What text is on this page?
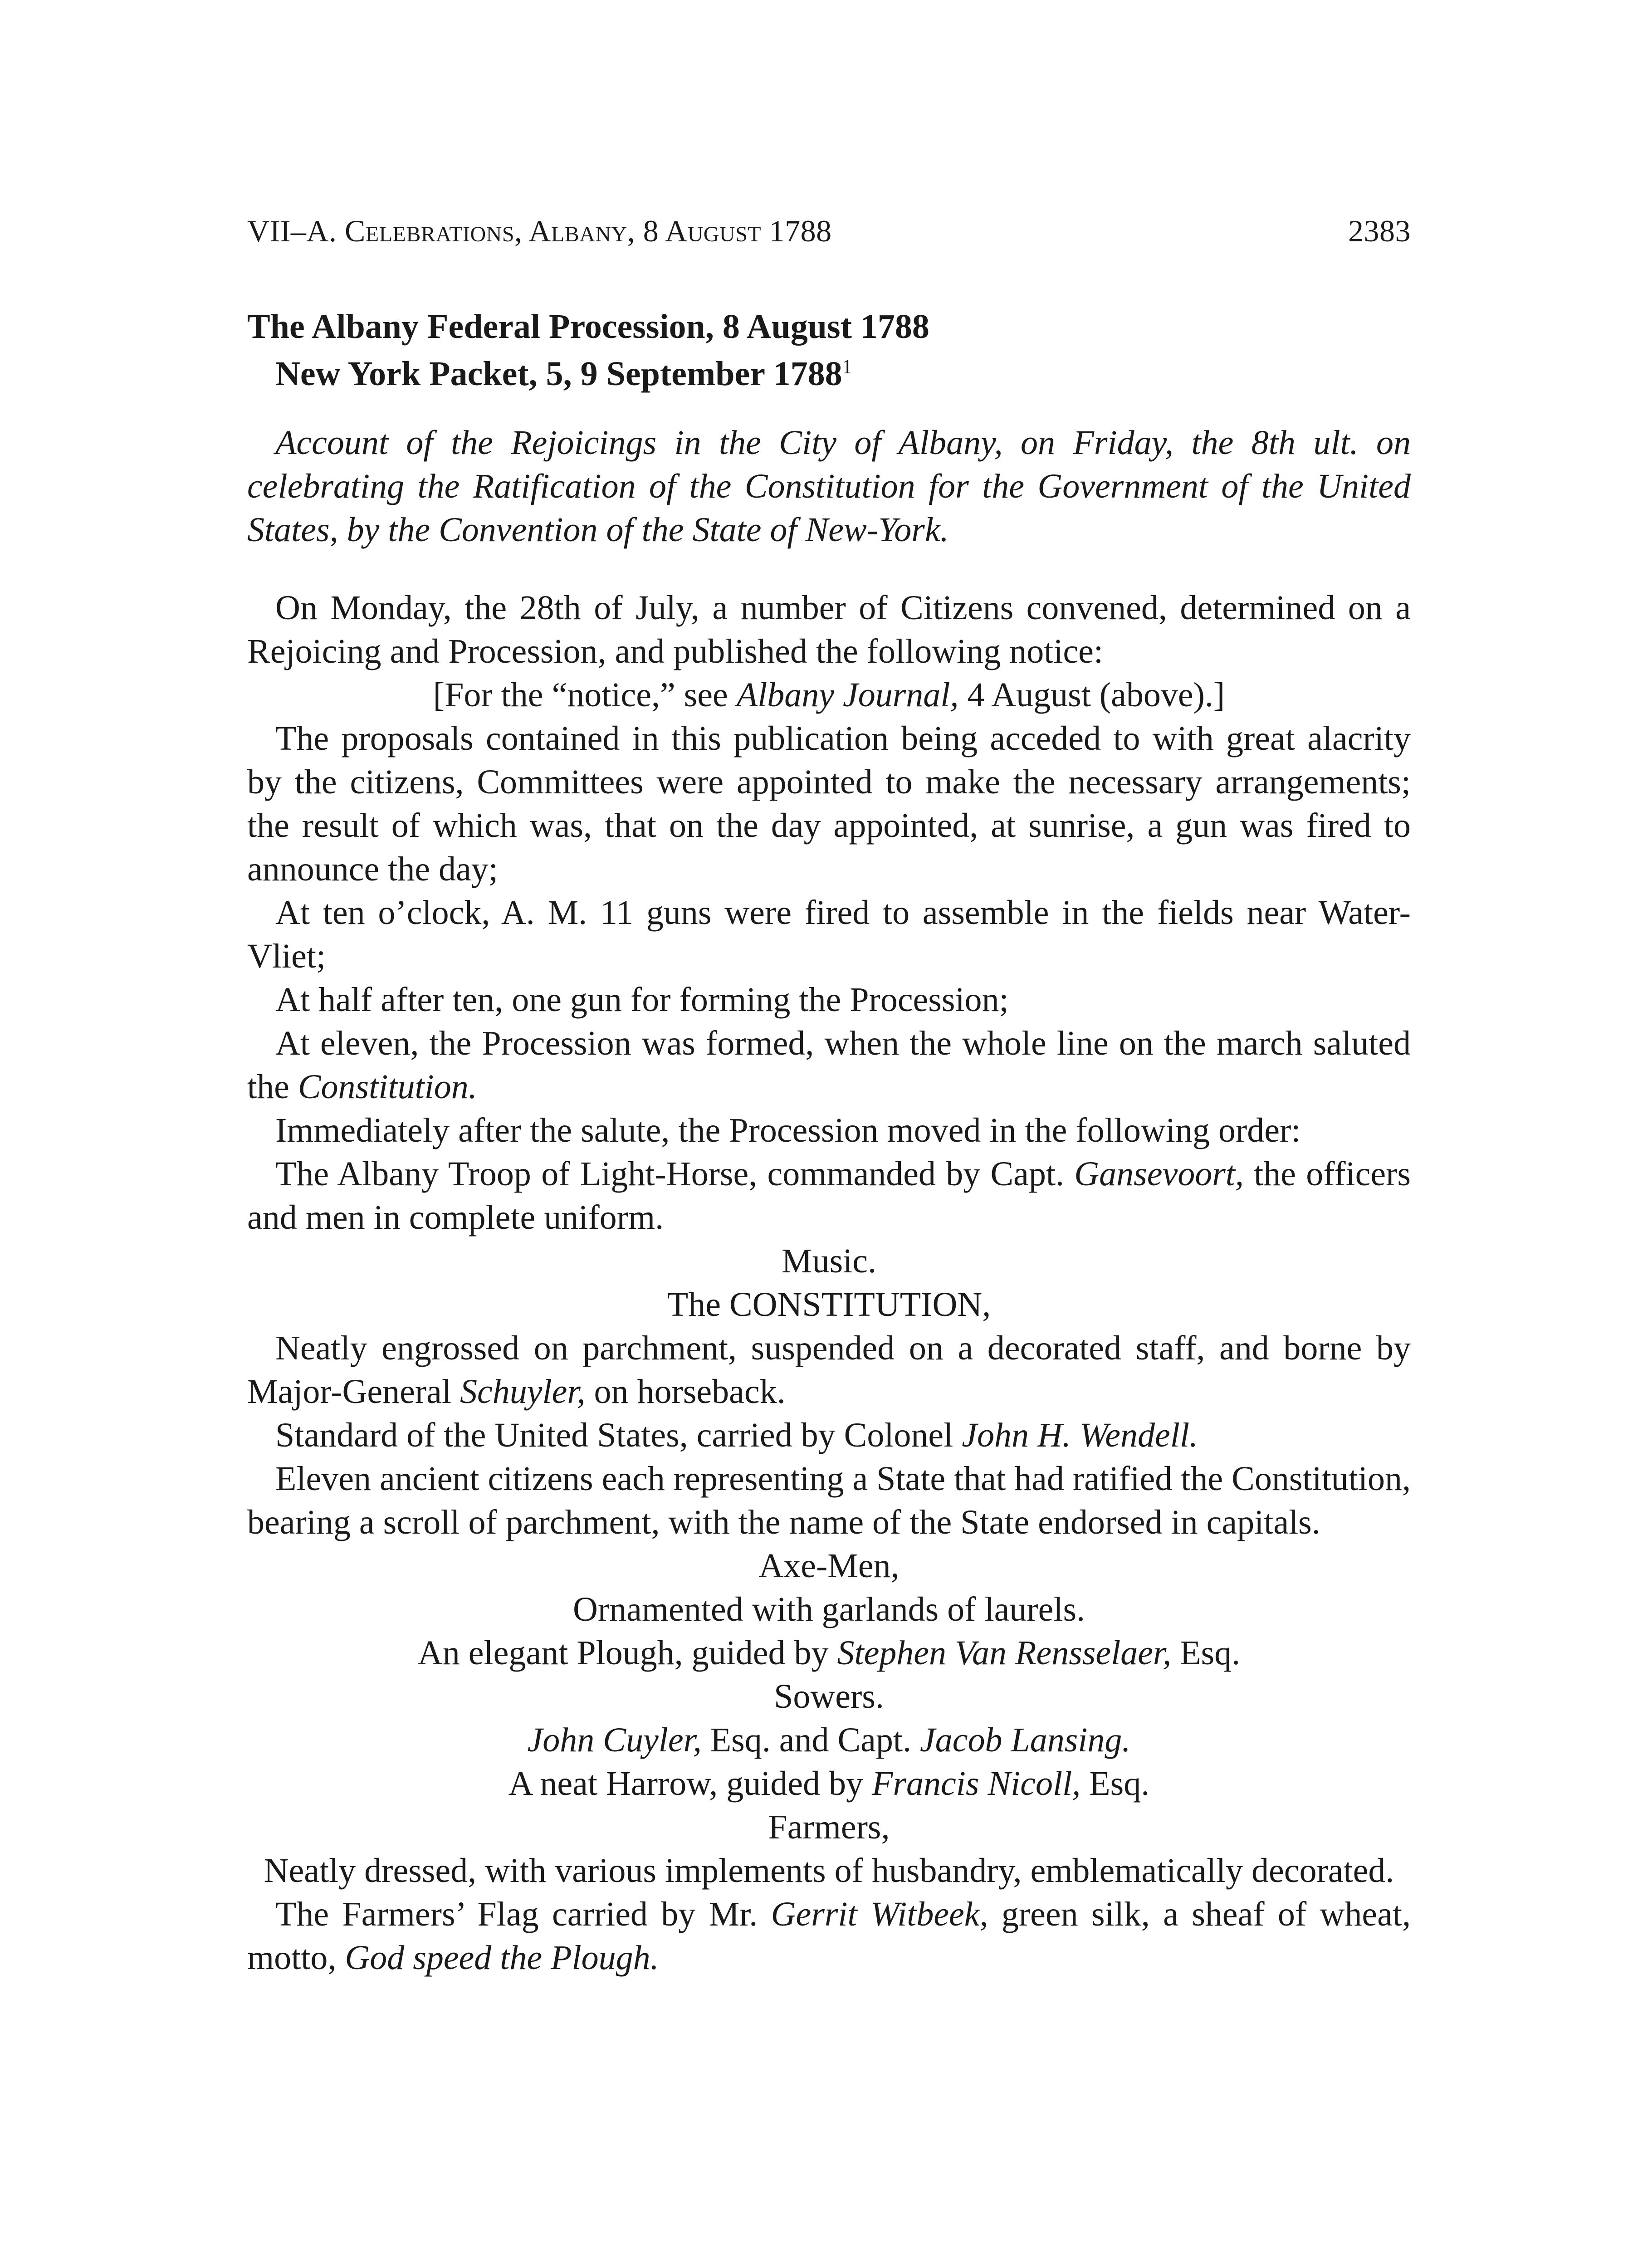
VII–A. Celebrations, Albany, 8 August 1788	2383
The Albany Federal Procession, 8 August 1788
New York Packet, 5, 9 September 1788$^1$

Account of the Rejoicings in the City of Albany, on Friday, the 8th ult. on celebrating the Ratification of the Constitution for the Government of the United States, by the Convention of the State of New-York.

On Monday, the 28th of July, a number of Citizens convened, determined on a Rejoicing and Procession, and published the following notice:

[For the “notice,” see Albany Journal, 4 August (above).]

The proposals contained in this publication being acceded to with great alacrity by the citizens, Committees were appointed to make the necessary arrangements; the result of which was, that on the day appointed, at sunrise, a gun was fired to announce the day;

At ten o’clock, A. M. 11 guns were fired to assemble in the fields near Water-Vliet;

At half after ten, one gun for forming the Procession;

At eleven, the Procession was formed, when the whole line on the march saluted the Constitution.

Immediately after the salute, the Procession moved in the following order:

The Albany Troop of Light-Horse, commanded by Capt. Gansevoort, the officers and men in complete uniform.

Music.

The CONSTITUTION,

Neatly engrossed on parchment, suspended on a decorated staff, and borne by Major-General Schuyler, on horseback.

Standard of the United States, carried by Colonel John H. Wendell.

Eleven ancient citizens each representing a State that had ratified the Constitution, bearing a scroll of parchment, with the name of the State endorsed in capitals.

Axe-Men,

Ornamented with garlands of laurels.

An elegant Plough, guided by Stephen Van Rensselaer, Esq.

Sowers.

John Cuyler, Esq. and Capt. Jacob Lansing.

A neat Harrow, guided by Francis Nicoll, Esq.

Farmers,

Neatly dressed, with various implements of husbandry, emblematically decorated.

The Farmers’ Flag carried by Mr. Gerrit Witbeek, green silk, a sheaf of wheat, motto, God speed the Plough.
